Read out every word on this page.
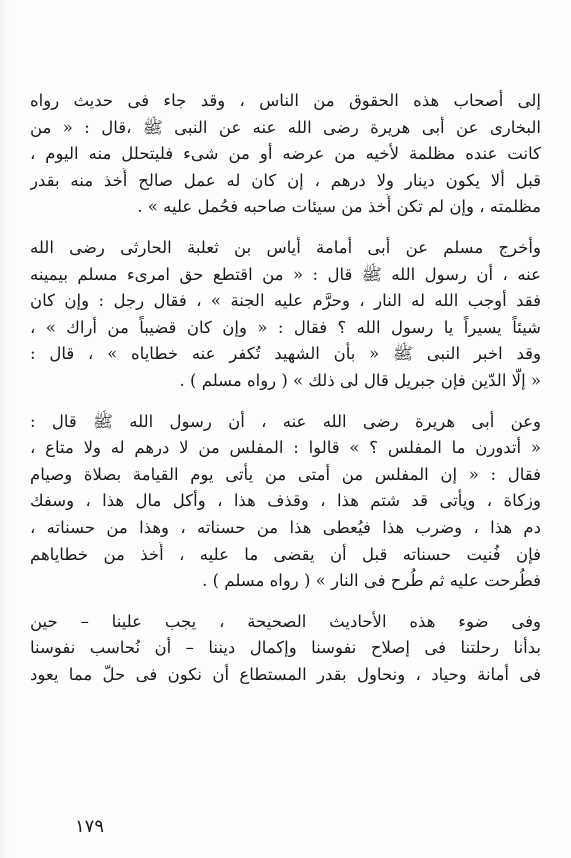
إلى أصحاب هذه الحقوق من الناس ، وقد جاء فى حديث رواه
البخارى عن أبى هريرة رضى الله عنه عن النبى ﷺ ،قال : « من
كانت عنده مظلمة لأخيه من عرضه أو من شىء فليتحلل منه اليوم ،
قبل ألا يكون دينار ولا درهم ، إن كان له عمل صالح أُخذ منه بقدر
مظلمته ، وإن لم تكن أُخذ من سيئات صاحبه فحُمل عليه » .
وأخرج مسلم عن أبى أمامة أياس بن ثعلبة الحارثى رضى الله
عنه ، أن رسول الله ﷺ قال : « من اقتطع حق امرىء مسلم بيمينه
فقد أوجب الله له النار ، وحرَّم عليه الجنة » ، فقال رجل : وإن كان
شيئاً يسيراً يا رسول الله ؟ فقال : « وإن كان قضيباً من أراك » ،
وقد اخبر النبى ﷺ « بأن الشهيد تُكفر عنه خطاياه » ، قال :
« إلّا الدّين فإن جبريل قال لى ذلك » ( رواه مسلم ) .
وعن أبى هريرة رضى الله عنه ، أن رسول الله ﷺ قال :
« أتدورن ما المفلس ؟ » قالوا : المفلس من لا درهم له ولا متاع ،
فقال : « إن المفلس من أمتى من يأتى يوم القيامة بصلاة وصيام
وزكاة ، ويأتى قد شتم هذا ، وقذف هذا ، وأكل مال هذا ، وسفك
دم هذا ، وضرب هذا فيُعطى هذا من حسناته ، وهذا من حسناته ،
فإن فُنيت حسناته قبل أن يقضى ما عليه ، أُخذ من خطاياهم
فطُرحت عليه ثم طُرح فى النار » ( رواه مسلم ) .
وفى ضوء هذه الأحاديث الصحيحة ، يجب علينا – حين
بدأنا رحلتنا فى إصلاح نفوسنا وإكمال ديننا – أن نُحاسب نفوسنا
فى أمانة وحياد ، ونحاول بقدر المستطاع أن نكون فى حلّ مما يعود
١٧٩
